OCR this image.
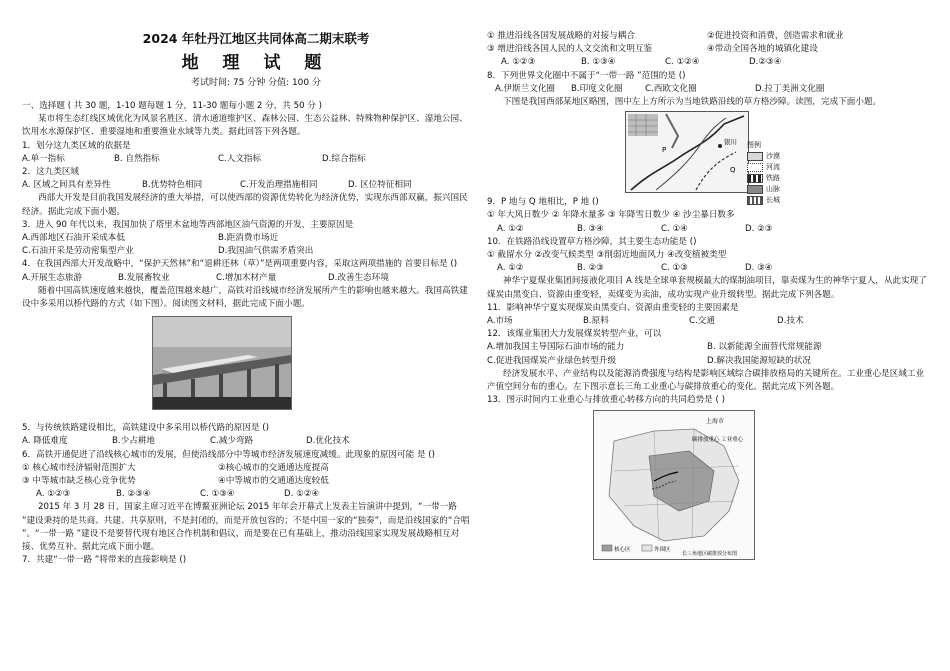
2024 年牡丹江地区共同体高二期末联考
地 理 试 题
考试时间: 75 分钟 分值: 100 分

一、选择题 ( 共 30 题，1-10 题每题 1 分，11-30 题每小题 2 分，共 50 分 )

某市将生态红线区域优化为风景名胜区、清水通道维护区、森林公园、生态公益林、特殊物种保护区、湿地公园、饮用水水源保护区、重要湿地和重要渔业水域等九类。据此回答下列各题。

1．划分这九类区域的依据是

A.单一指标	B. 自然指标	C.人文指标	D.综合指标

2．这九类区域

A. 区域之间具有差异性	B.优势特色相同	C.开发治理措施相同	D. 区位特征相同

西部大开发是目前我国发展经济的重大举措，可以使西部的资源优势转化为经济优势，实现东西部双赢，振兴国民经济。据此完成下面小题。

3．进入 90 年代以来，我国加快了塔里木盆地等西部地区油气资源的开发，主要原因是

A.西部地区石油开采成本低	B.距消费市场近
C.石油开采是劳动密集型产业	D.我国油气供需矛盾突出

4．在我国西部大开发战略中，“保护天然林”和“退耕还林（草）”是两项重要内容，采取这两项措施的 首要目标是 ()

A.开展生态旅游	B.发展畜牧业	C.增加木材产量	D.改善生态环境

随着中国高铁速度越来越快，覆盖范围越来越广，高铁对沿线城市经济发展所产生的影响也越来越大。我国高铁建设中多采用以桥代路的方式（如下图）。阅读图文材料，据此完成下面小题。

5．与传统铁路建设相比，高铁建设中多采用以桥代路的原因是 ()

A. 降低难度	B.少占耕地	C.减少弯路	D.优化技术

6．高铁开通促进了沿线核心城市的发展，但使沿线部分中等城市经济发展速度减缓。此现象的原因可能 是 ()

① 核心城市经济辐射范围扩大	②核心城市的交通通达度提高
③ 中等城市缺乏核心竞争优势	④中等城市的交通通达度较低
A. ①②③	B. ②③④	C. ①③④	D. ①②④

2015 年 3 月 28 日，国家主席习近平在博鳌亚洲论坛 2015 年年会开幕式上发表主旨演讲中提到，“一带一路 ”建设秉持的是共商、共建、共享原则，不是封闭的，而是开放包容的；不是中国一家的“独奏”，而是沿线国家的“合唱 ”。“一带一路 ”建设不是要替代现有地区合作机制和倡议，而是要在已有基础上，推动沿线国家实现发展战略相互对接、优势互补。据此完成下面小题。

7．共建“一带一路 ”将带来的直接影响是 ()

① 推进沿线各国发展战略的对接与耦合	②促进投资和消费，创造需求和就业
③ 增进沿线各国人民的人文交流和文明互鉴	④带动全国各地的城镇化建设
A. ①②③	B. ①③④	C. ①②④	D.②③④

8．下列世界文化圈中不属于“一带一路 ”范围的是 ()

A.伊斯兰文化圈	B.印度文化圈	C.西欧文化圈	D.拉丁美洲文化圈

下图是我国西部某地区略图，图中左上方所示为当地铁路沿线的草方格沙障。读图，完成下面小题。

P
Q
银川 图例
沙漠
河流
铁路
山脉
长城

9．P 地与 Q 地相比，P 地 ()

① 年大风日数少 ② 年降水量多 ③ 年降雪日数少 ④ 沙尘暴日数多

A. ①②	B. ③④	C. ①④	D. ②③

10．在铁路沿线设置草方格沙障，其主要生态功能是 ()

① 截留水分 ②改变气候类型 ③削弱近地面风力 ④改变植被类型

A. ①②	B. ②③	C. ①③	D. ③④

神华宁夏煤业集团间接液化项目 A 线是全球单套规模最大的煤制油项目，靠卖煤为生的神华宁夏人，从此实现了煤炭由黑变白、资源由重变轻，卖煤变为卖油，成功实现产业升级转型。据此完成下列各题。

11．影响神华宁夏实现煤炭由黑变白、资源由重变轻的主要因素是

A.市场	B.原料	C.交通	D.技术

12．该煤业集团大力发展煤炭转型产业，可以

A.增加我国主导国际石油市场的能力	B. 以新能源全面替代常规能源
C.促进我国煤炭产业绿色转型升级	D.解决我国能源短缺的状况

经济发展水平、产业结构以及能源消费强度与结构是影响区域综合碳排放格局的关键所在。工业重心是区域工业产值空间分布的重心。左下图示意长三角工业重心与碳排放重心的变化。据此完成下列各题。

13．图示时间内工业重心与排放重心转移方向的共同趋势是 ( )

上海市
碳排放重心 工业重心
核心区	外围区
长三角地区碳排放分布图
